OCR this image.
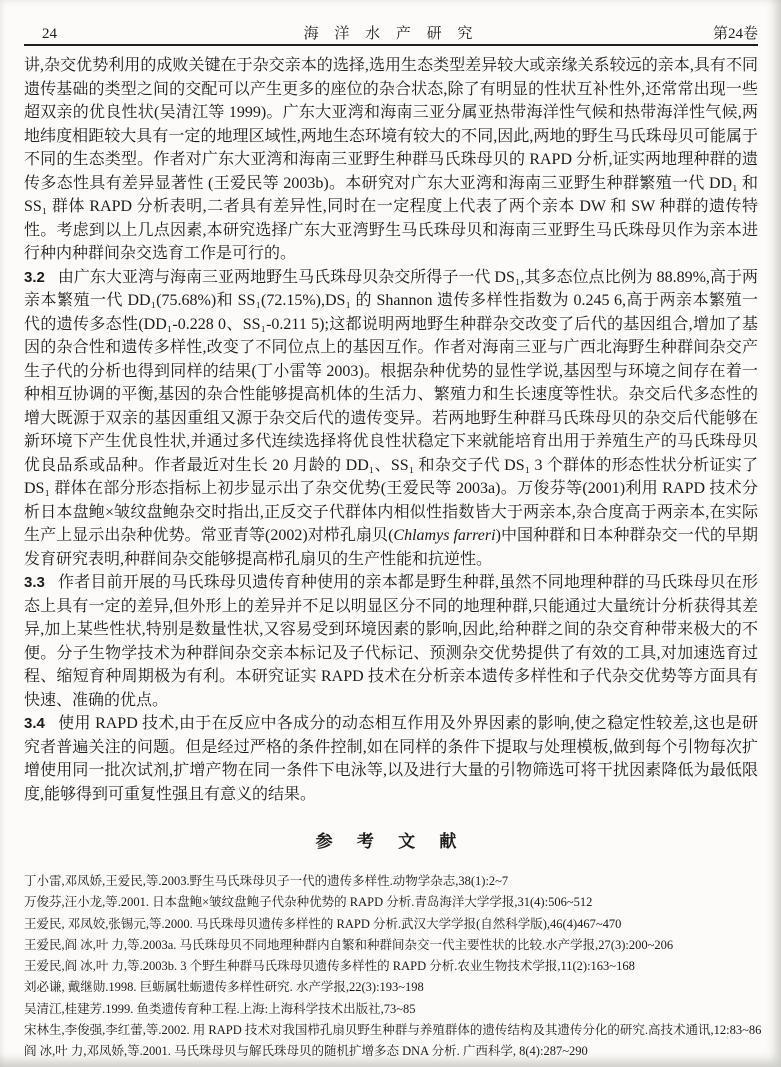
24	海 洋 水 产 研 究	第24卷

讲,杂交优势利用的成败关键在于杂交亲本的选择,选用生态类型差异较大或亲缘关系较远的亲本,具有不同遗传基础的类型之间的交配可以产生更多的座位的杂合状态,除了有明显的性状互补性外,还常常出现一些超双亲的优良性状(吴清江等 1999)。广东大亚湾和海南三亚分属亚热带海洋性气候和热带海洋性气候,两地纬度相距较大具有一定的地理区域性,两地生态环境有较大的不同,因此,两地的野生马氏珠母贝可能属于不同的生态类型。作者对广东大亚湾和海南三亚野生种群马氏珠母贝的 RAPD 分析,证实两地理种群的遗传多态性具有差异显著性 (王爱民等 2003b)。本研究对广东大亚湾和海南三亚野生种群繁殖一代 DD₁ 和 SS₁ 群体 RAPD 分析表明,二者具有差异性,同时在一定程度上代表了两个亲本 DW 和 SW 种群的遗传特性。考虑到以上几点因素,本研究选择广东大亚湾野生马氏珠母贝和海南三亚野生马氏珠母贝作为亲本进行种内种群间杂交选育工作是可行的。

3.2 由广东大亚湾与海南三亚两地野生马氏珠母贝杂交所得子一代 DS₁,其多态位点比例为 88.89%,高于两亲本繁殖一代 DD₁(75.68%)和 SS₁(72.15%),DS₁ 的 Shannon 遗传多样性指数为 0.245 6,高于两亲本繁殖一代的遗传多态性(DD₁-0.228 0、SS₁-0.211 5);这都说明两地野生种群杂交改变了后代的基因组合,增加了基因的杂合性和遗传多样性,改变了不同位点上的基因互作。作者对海南三亚与广西北海野生种群间杂交产生子代的分析也得到同样的结果(丁小雷等 2003)。根据杂种优势的显性学说,基因型与环境之间存在着一种相互协调的平衡,基因的杂合性能够提高机体的生活力、繁殖力和生长速度等性状。杂交后代多态性的增大既源于双亲的基因重组又源于杂交后代的遗传变异。若两地野生种群马氏珠母贝的杂交后代能够在新环境下产生优良性状,并通过多代连续选择将优良性状稳定下来就能培育出用于养殖生产的马氏珠母贝优良品系或品种。作者最近对生长 20 月龄的 DD₁、SS₁ 和杂交子代 DS₁ 3 个群体的形态性状分析证实了 DS₁ 群体在部分形态指标上初步显示出了杂交优势(王爱民等 2003a)。万俊芬等(2001)利用 RAPD 技术分析日本盘鲍×皱纹盘鲍杂交时指出,正反交子代群体内相似性指数皆大于两亲本,杂合度高于两亲本,在实际生产上显示出杂种优势。常亚青等(2002)对栉孔扇贝(Chlamys farreri)中国种群和日本种群杂交一代的早期发育研究表明,种群间杂交能够提高栉孔扇贝的生产性能和抗逆性。

3.3 作者目前开展的马氏珠母贝遗传育种使用的亲本都是野生种群,虽然不同地理种群的马氏珠母贝在形态上具有一定的差异,但外形上的差异并不足以明显区分不同的地理种群,只能通过大量统计分析获得其差异,加上某些性状,特别是数量性状,又容易受到环境因素的影响,因此,给种群之间的杂交育种带来极大的不便。分子生物学技术为种群间杂交亲本标记及子代标记、预测杂交优势提供了有效的工具,对加速选育过程、缩短育种周期极为有利。本研究证实 RAPD 技术在分析亲本遗传多样性和子代杂交优势等方面具有快速、准确的优点。

3.4 使用 RAPD 技术,由于在反应中各成分的动态相互作用及外界因素的影响,使之稳定性较差,这也是研究者普遍关注的问题。但是经过严格的条件控制,如在同样的条件下提取与处理模板,做到每个引物每次扩增使用同一批次试剂,扩增产物在同一条件下电泳等,以及进行大量的引物筛选可将干扰因素降低为最低限度,能够得到可重复性强且有意义的结果。

参 考 文 献

丁小雷,邓凤娇,王爱民,等.2003.野生马氏珠母贝子一代的遗传多样性.动物学杂志,38(1):2~7

万俊芬,汪小龙,等.2001. 日本盘鲍×皱纹盘鲍子代杂种优势的 RAPD 分析.青岛海洋大学学报,31(4):506~512

王爱民, 邓凤姣,张锡元,等.2000. 马氏珠母贝遗传多样性的 RAPD 分析.武汉大学学报(自然科学版),46(4)467~470

王爱民,阎 冰,叶 力,等.2003a. 马氏珠母贝不同地理种群内自繁和种群间杂交一代主要性状的比较.水产学报,27(3):200~206

王爱民,阎 冰,叶 力,等.2003b. 3 个野生种群马氏珠母贝遗传多样性的 RAPD 分析.农业生物技术学报,11(2):163~168

刘必谦, 戴继勋.1998. 巨蛎属牡蛎遗传多样性研究. 水产学报,22(3):193~198

吴清江,桂建芳.1999. 鱼类遗传育种工程.上海:上海科学技术出版社,73~85

宋林生,李俊强,李红蕾,等.2002. 用 RAPD 技术对我国栉孔扇贝野生种群与养殖群体的遗传结构及其遗传分化的研究.高技术通讯,12:83~86

阎 冰,叶 力,邓凤娇,等.2001. 马氏珠母贝与解氏珠母贝的随机扩增多态 DNA 分析. 广西科学, 8(4):287~290
